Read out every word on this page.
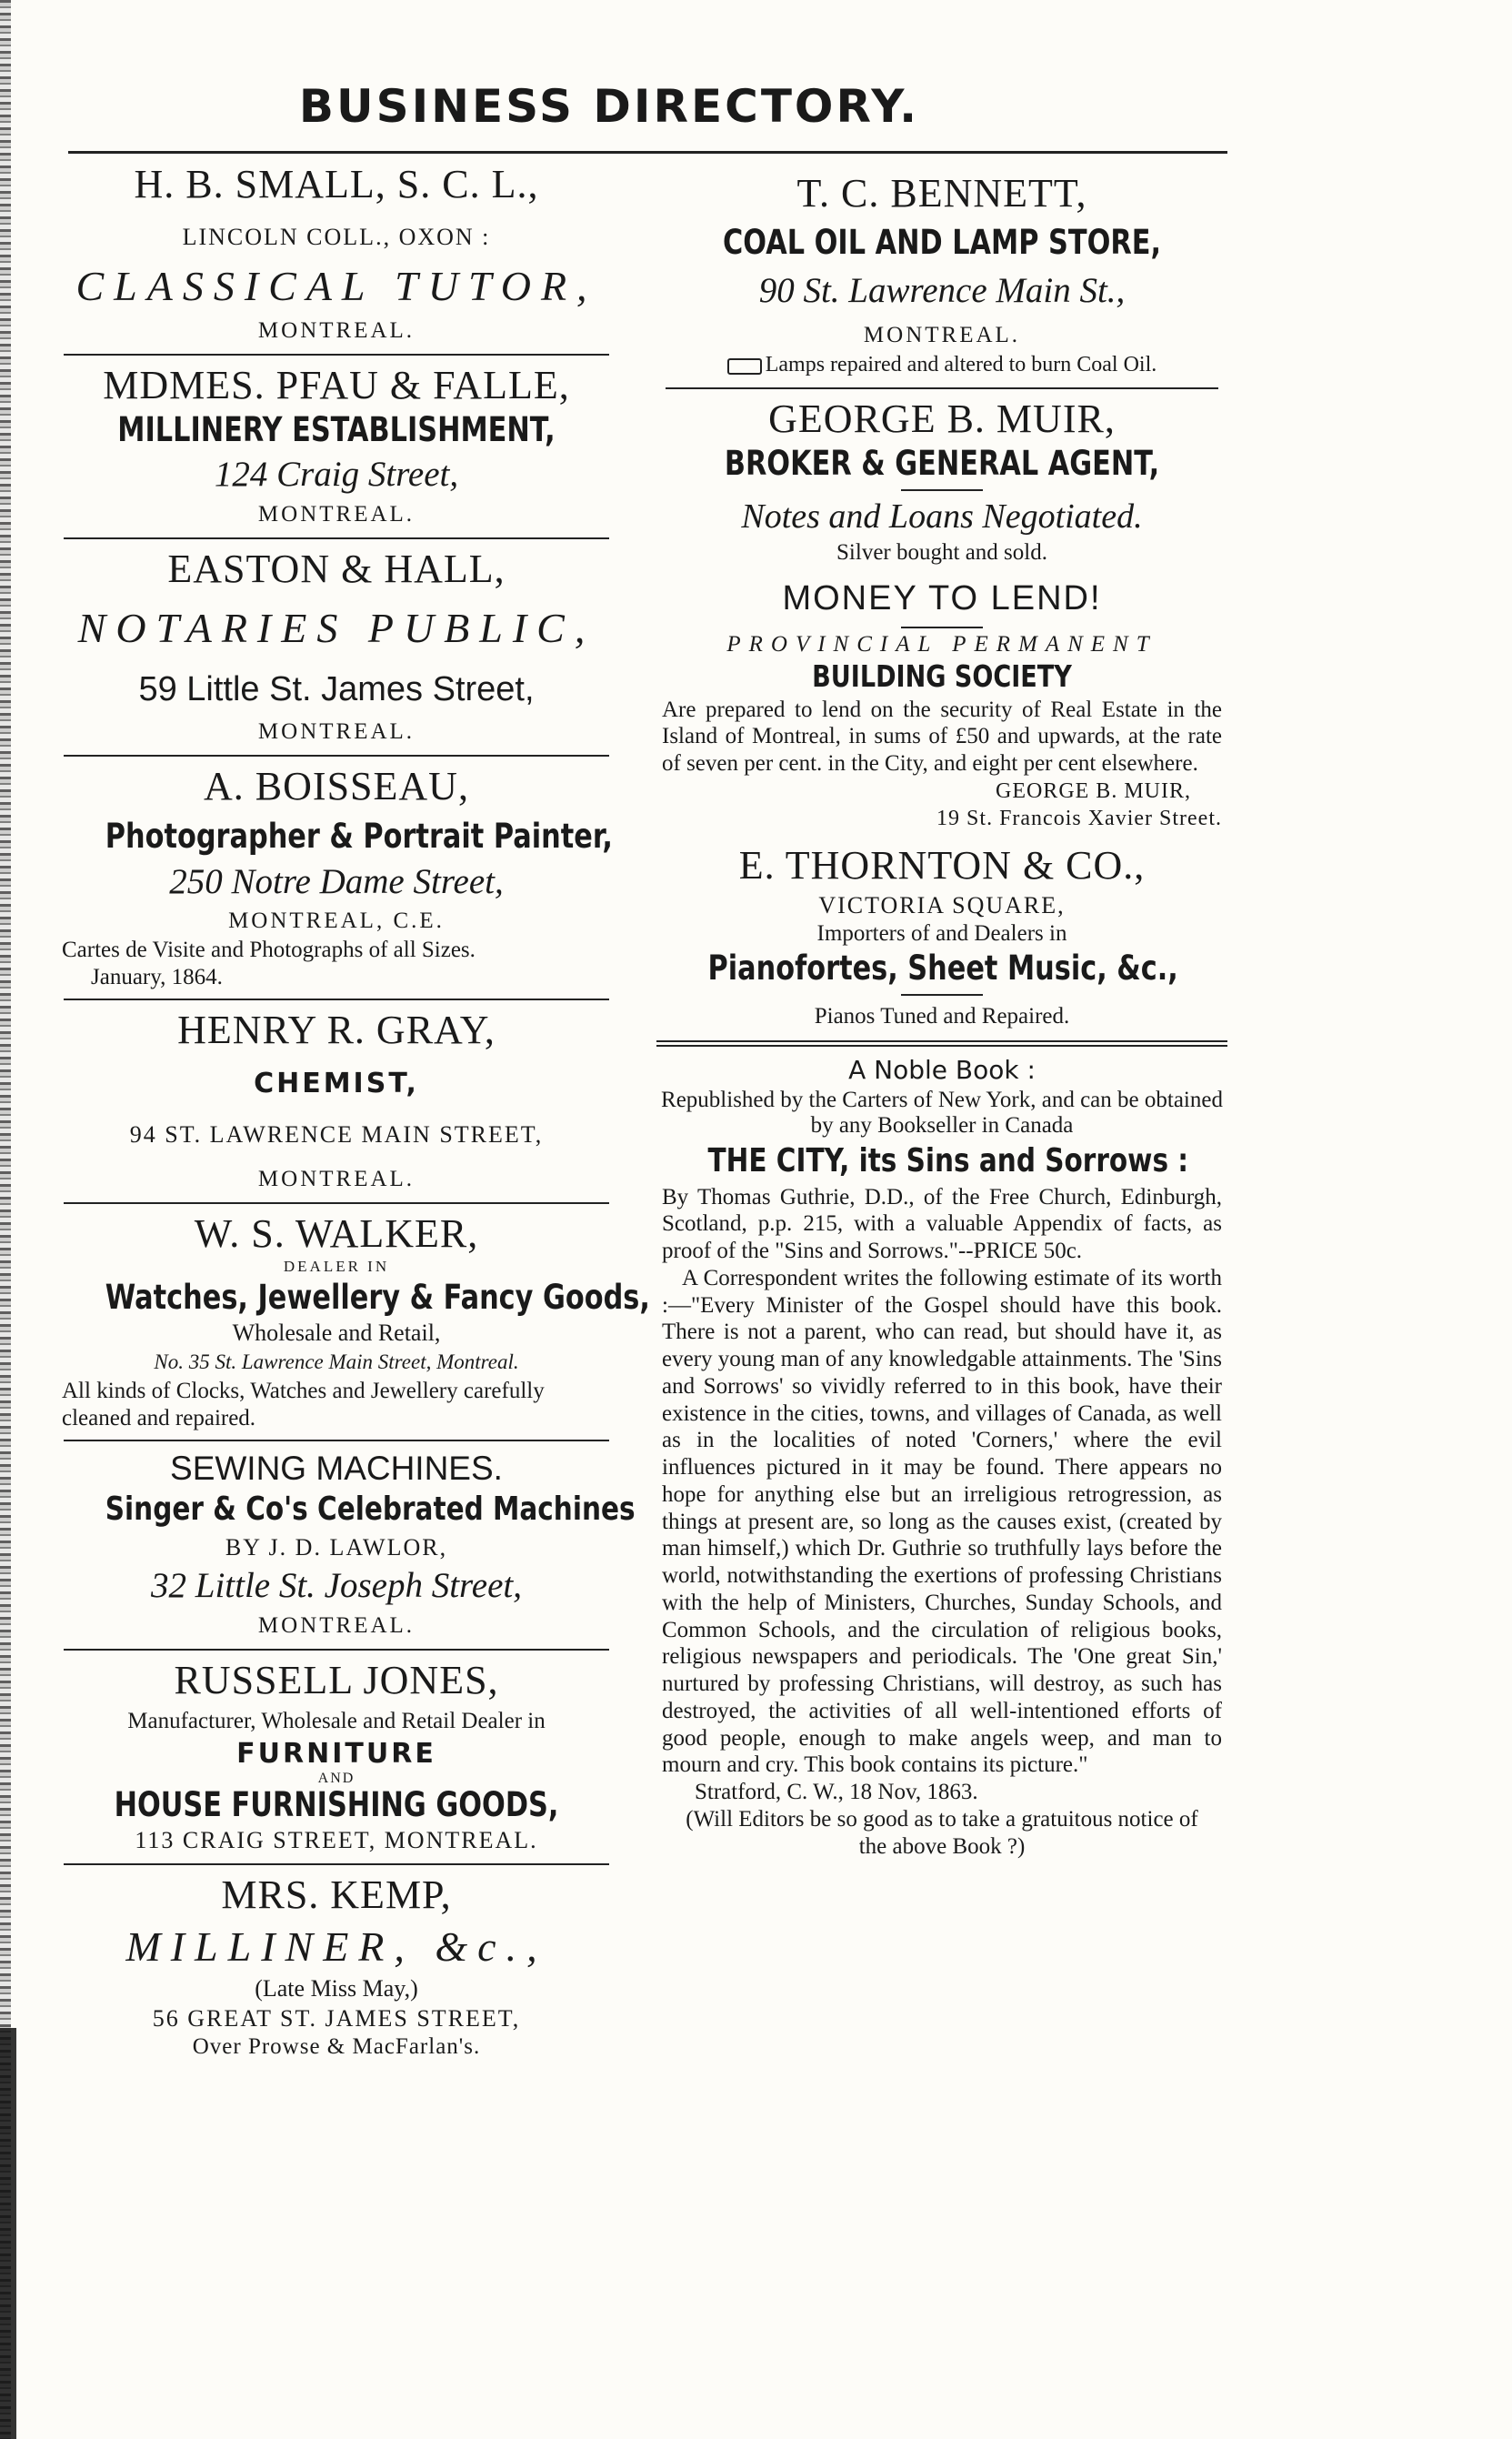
BUSINESS DIRECTORY.
H. B. SMALL, S. C. L.,
LINCOLN COLL., OXON :
CLASSICAL TUTOR,
MONTREAL.
MDMES. PFAU & FALLE,
MILLINERY ESTABLISHMENT,
124 Craig Street,
MONTREAL.
EASTON & HALL,
NOTARIES PUBLIC,
59 Little St. James Street,
MONTREAL.
A. BOISSEAU,
Photographer & Portrait Painter,
250 Notre Dame Street,
MONTREAL, C.E.
Cartes de Visite and Photographs of all Sizes.
January, 1864.
HENRY R. GRAY,
CHEMIST,
94 ST. LAWRENCE MAIN STREET,
MONTREAL.
W. S. WALKER,
DEALER IN
Watches, Jewellery & Fancy Goods,
Wholesale and Retail,
No. 35 St. Lawrence Main Street, Montreal.
All kinds of Clocks, Watches and Jewellery carefully cleaned and repaired.
SEWING MACHINES.
Singer & Co's Celebrated Machines
BY J. D. LAWLOR,
32 Little St. Joseph Street,
MONTREAL.
RUSSELL JONES,
Manufacturer, Wholesale and Retail Dealer in
FURNITURE
AND
HOUSE FURNISHING GOODS,
113 CRAIG STREET, MONTREAL.
MRS. KEMP,
MILLINER, &c.,
(Late Miss May,)
56 GREAT ST. JAMES STREET,
Over Prowse & MacFarlan's.
T. C. BENNETT,
COAL OIL AND LAMP STORE,
90 St. Lawrence Main St.,
MONTREAL.
Lamps repaired and altered to burn Coal Oil.
GEORGE B. MUIR,
BROKER & GENERAL AGENT,
Notes and Loans Negotiated.
Silver bought and sold.
MONEY TO LEND!
PROVINCIAL PERMANENT
BUILDING SOCIETY
Are prepared to lend on the security of Real Estate in the Island of Montreal, in sums of £50 and upwards, at the rate of seven per cent. in the City, and eight per cent elsewhere.
GEORGE B. MUIR,
19 St. Francois Xavier Street.
E. THORNTON & CO.,
VICTORIA SQUARE,
Importers of and Dealers in
Pianofortes, Sheet Music, &c.,
Pianos Tuned and Repaired.
A Noble Book :
Republished by the Carters of New York, and can be obtained by any Bookseller in Canada
THE CITY, its Sins and Sorrows :
By Thomas Guthrie, D.D., of the Free Church, Edinburgh, Scotland, p.p. 215, with a valuable Appendix of facts, as proof of the "Sins and Sorrows."--PRICE 50c.
A Correspondent writes the following estimate of its worth :—"Every Minister of the Gospel should have this book. There is not a parent, who can read, but should have it, as every young man of any knowledgable attainments. The 'Sins and Sorrows' so vividly referred to in this book, have their existence in the cities, towns, and villages of Canada, as well as in the localities of noted 'Corners,' where the evil influences pictured in it may be found. There appears no hope for anything else but an irreligious retrogression, as things at present are, so long as the causes exist, (created by man himself,) which Dr. Guthrie so truthfully lays before the world, notwithstanding the exertions of professing Christians with the help of Ministers, Churches, Sunday Schools, and Common Schools, and the circulation of religious books, religious newspapers and periodicals. The 'One great Sin,' nurtured by professing Christians, will destroy, as such has destroyed, the activities of all well-intentioned efforts of good people, enough to make angels weep, and man to mourn and cry. This book contains its picture."
Stratford, C. W., 18 Nov, 1863.
(Will Editors be so good as to take a gratuitous notice of the above Book ?)
